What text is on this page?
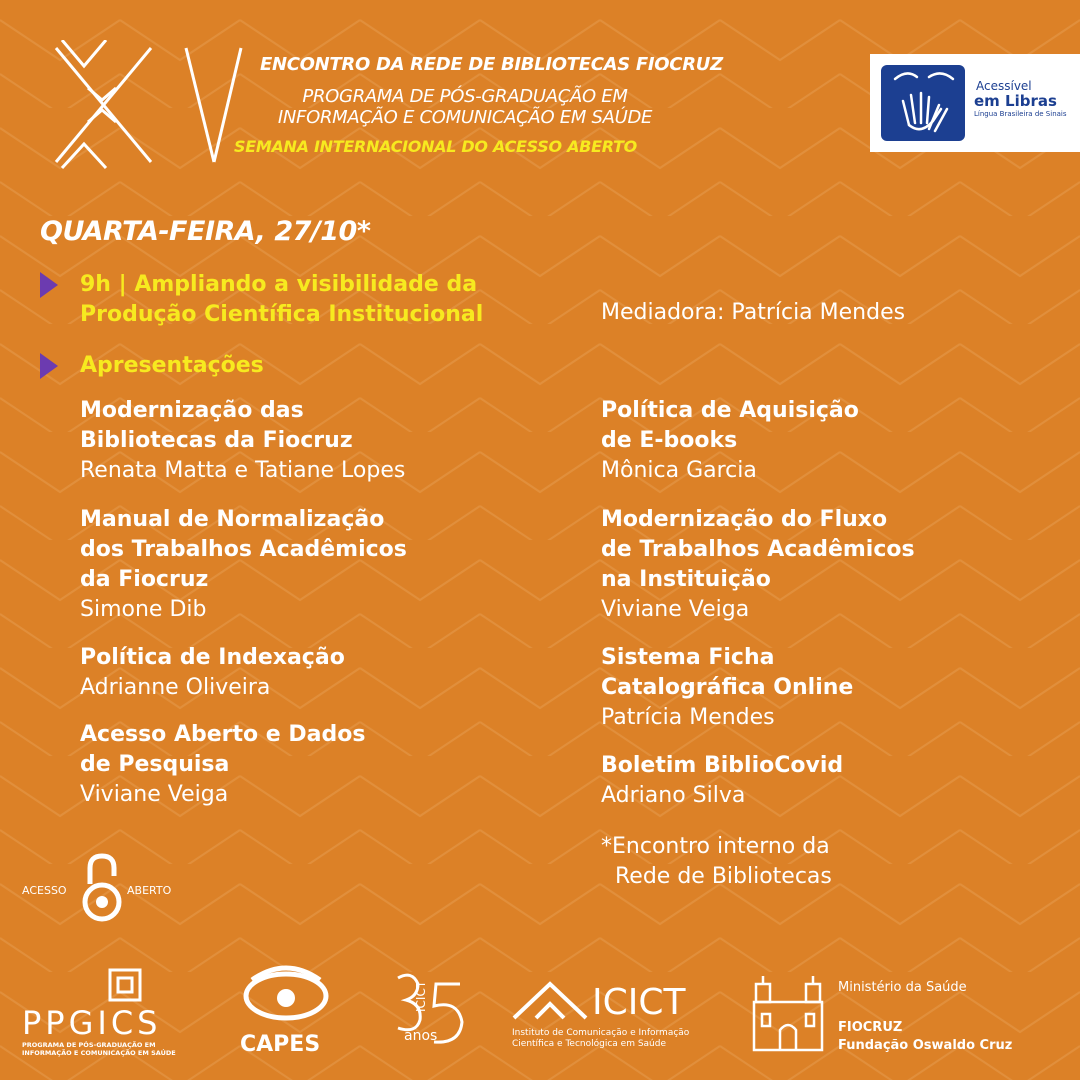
ENCONTRO DA REDE DE BIBLIOTECAS FIOCRUZ
PROGRAMA DE PÓS-GRADUAÇÃO EM
INFORMAÇÃO E COMUNICAÇÃO EM SAÚDE
SEMANA INTERNACIONAL DO ACESSO ABERTO
Acessível
em Libras
Língua Brasileira de Sinais
QUARTA-FEIRA, 27/10*
9h | Ampliando a visibilidade da
Produção Científica Institucional	Mediadora: Patrícia Mendes
Apresentações
Modernização das
Bibliotecas da Fiocruz
Renata Matta e Tatiane Lopes
Manual de Normalização
dos Trabalhos Acadêmicos
da Fiocruz
Simone Dib
Política de Indexação
Adrianne Oliveira
Acesso Aberto e Dados
de Pesquisa
Viviane Veiga
Política de Aquisição
de E-books
Mônica Garcia
Modernização do Fluxo
de Trabalhos Acadêmicos
na Instituição
Viviane Veiga
Sistema Ficha
Catalográfica Online
Patrícia Mendes
Boletim BiblioCovid
Adriano Silva
*Encontro interno da
Rede de Bibliotecas
ACESSO	ABERTO
PPGICS
PROGRAMA DE PÓS-GRADUAÇÃO EM
INFORMAÇÃO E COMUNICAÇÃO EM SAÚDE	CAPES
ICICT
anos
ICICT
Instituto de Comunicação e Informação
Científica e Tecnológica em Saúde
Ministério da Saúde
FIOCRUZ
Fundação Oswaldo Cruz
